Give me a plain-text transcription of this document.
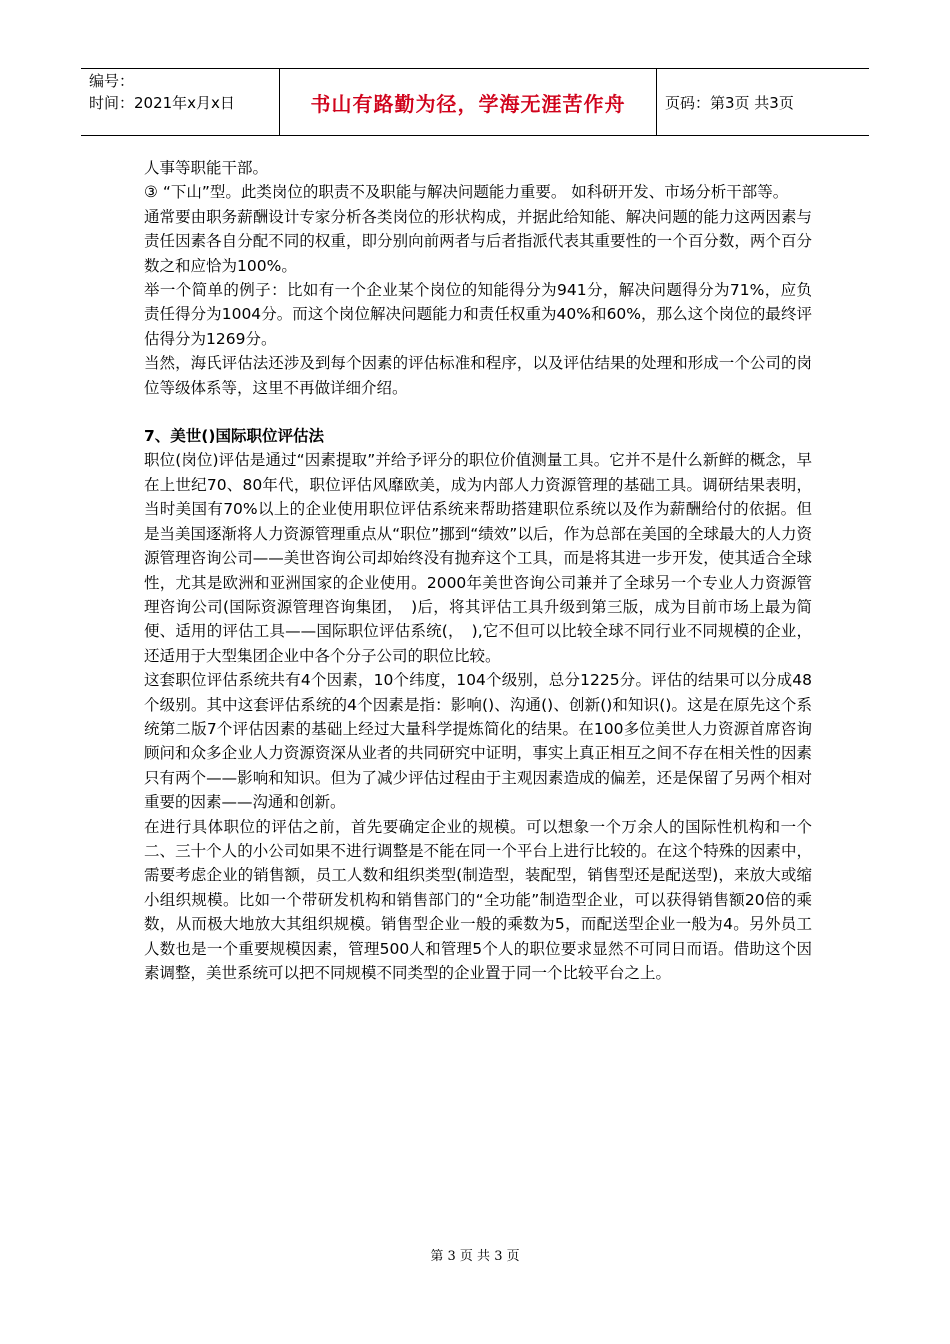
编号：
时间：2021年x月x日	书山有路勤为径，学海无涯苦作舟	页码：第3页 共3页

人事等职能干部。

③ “下山”型。此类岗位的职责不及职能与解决问题能力重要。 如科研开发、市场分析干部等。

通常要由职务薪酬设计专家分析各类岗位的形状构成，并据此给知能、解决问题的能力这两因素与责任因素各自分配不同的权重，即分别向前两者与后者指派代表其重要性的一个百分数，两个百分数之和应恰为100%。

举一个简单的例子：比如有一个企业某个岗位的知能得分为941分，解决问题得分为71%，应负责任得分为1004分。而这个岗位解决问题能力和责任权重为40%和60%，那么这个岗位的最终评估得分为1269分。

当然，海氏评估法还涉及到每个因素的评估标准和程序，以及评估结果的处理和形成一个公司的岗位等级体系等，这里不再做详细介绍。

7、美世()国际职位评估法

职位(岗位)评估是通过“因素提取”并给予评分的职位价值测量工具。它并不是什么新鲜的概念，早在上世纪70、80年代，职位评估风靡欧美，成为内部人力资源管理的基础工具。调研结果表明，当时美国有70%以上的企业使用职位评估系统来帮助搭建职位系统以及作为薪酬给付的依据。但是当美国逐渐将人力资源管理重点从“职位”挪到“绩效”以后，作为总部在美国的全球最大的人力资源管理咨询公司——美世咨询公司却始终没有抛弃这个工具，而是将其进一步开发，使其适合全球性，尤其是欧洲和亚洲国家的企业使用。2000年美世咨询公司兼并了全球另一个专业人力资源管理咨询公司(国际资源管理咨询集团，　)后，将其评估工具升级到第三版，成为目前市场上最为简便、适用的评估工具——国际职位评估系统(，　),它不但可以比较全球不同行业不同规模的企业，还适用于大型集团企业中各个分子公司的职位比较。

这套职位评估系统共有4个因素，10个纬度，104个级别，总分1225分。评估的结果可以分成48个级别。其中这套评估系统的4个因素是指：影响()、沟通()、创新()和知识()。这是在原先这个系统第二版7个评估因素的基础上经过大量科学提炼简化的结果。在100多位美世人力资源首席咨询顾问和众多企业人力资源资深从业者的共同研究中证明，事实上真正相互之间不存在相关性的因素只有两个——影响和知识。但为了减少评估过程由于主观因素造成的偏差，还是保留了另两个相对重要的因素——沟通和创新。

在进行具体职位的评估之前，首先要确定企业的规模。可以想象一个万余人的国际性机构和一个二、三十个人的小公司如果不进行调整是不能在同一个平台上进行比较的。在这个特殊的因素中，需要考虑企业的销售额，员工人数和组织类型(制造型，装配型，销售型还是配送型)，来放大或缩小组织规模。比如一个带研发机构和销售部门的“全功能”制造型企业，可以获得销售额20倍的乘数，从而极大地放大其组织规模。销售型企业一般的乘数为5，而配送型企业一般为4。另外员工人数也是一个重要规模因素，管理500人和管理5个人的职位要求显然不可同日而语。借助这个因素调整，美世系统可以把不同规模不同类型的企业置于同一个比较平台之上。

第 3 页 共 3 页
